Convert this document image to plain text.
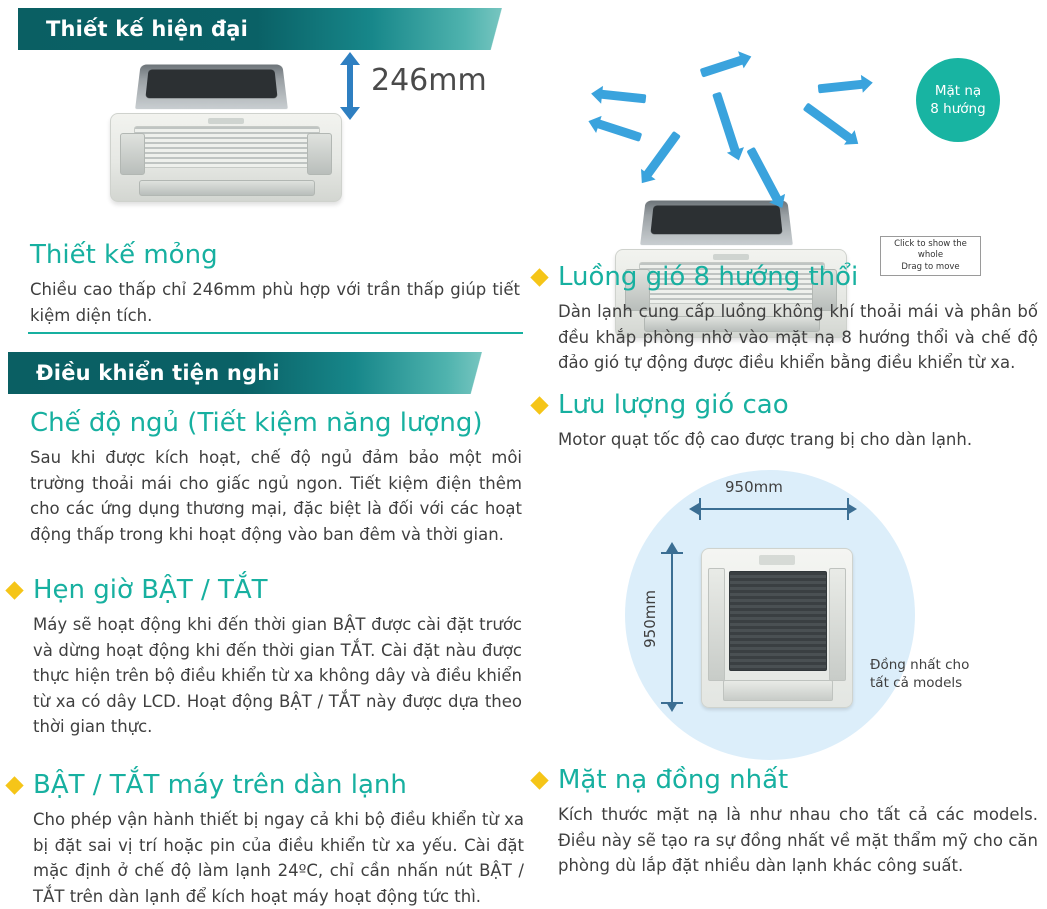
Thiết kế hiện đại
246mm	Mặt nạ
8 hướng
Click to show the whole
Drag to move
Thiết kế mỏng

Chiều cao thấp chỉ 246mm phù hợp với trần thấp giúp tiết kiệm diện tích.

Điều khiển tiện nghi
Chế độ ngủ (Tiết kiệm năng lượng)

Sau khi được kích hoạt, chế độ ngủ đảm bảo một môi trường thoải mái cho giấc ngủ ngon. Tiết kiệm điện thêm cho các ứng dụng thương mại, đặc biệt là đối với các hoạt động thấp trong khi hoạt động vào ban đêm và thời gian.

Hẹn giờ BẬT / TẮT

Máy sẽ hoạt động khi đến thời gian BẬT được cài đặt trước và dừng hoạt động khi đến thời gian TẮT. Cài đặt nàu được thực hiện trên bộ điều khiển từ xa không dây và điều khiển từ xa có dây LCD. Hoạt động BẬT / TẮT này được dựa theo thời gian thực.

BẬT / TẮT máy trên dàn lạnh

Cho phép vận hành thiết bị ngay cả khi bộ điều khiển từ xa bị đặt sai vị trí hoặc pin của điều khiển từ xa yếu. Cài đặt mặc định ở chế độ làm lạnh 24ºC, chỉ cần nhấn nút BẬT / TẮT trên dàn lạnh để kích hoạt máy hoạt động tức thì.

Luồng gió 8 hướng thổi

Dàn lạnh cung cấp luồng không khí thoải mái và phân bố đều khắp phòng nhờ vào mặt nạ 8 hướng thổi và chế độ đảo gió tự động được điều khiển bằng điều khiển từ xa.

Lưu lượng gió cao

Motor quạt tốc độ cao được trang bị cho dàn lạnh.

950mm
950mm
Đồng nhất cho
tất cả models
Mặt nạ đồng nhất

Kích thước mặt nạ là như nhau cho tất cả các models. Điều này sẽ tạo ra sự đồng nhất về mặt thẩm mỹ cho căn phòng dù lắp đặt nhiều dàn lạnh khác công suất.
